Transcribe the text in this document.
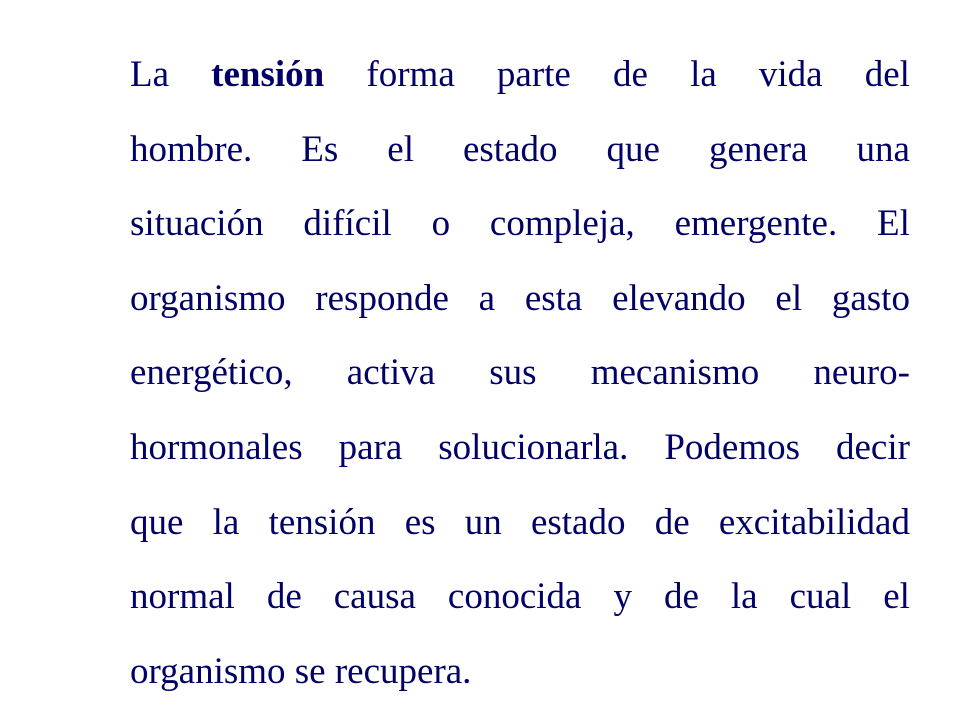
La tensión forma parte de la vida del
hombre. Es el estado que genera una
situación difícil o compleja, emergente. El
organismo responde a esta elevando el gasto
energético, activa sus mecanismo neuro-
hormonales para solucionarla. Podemos decir
que la tensión es un estado de excitabilidad
normal de causa conocida y de la cual el
organismo se recupera.
